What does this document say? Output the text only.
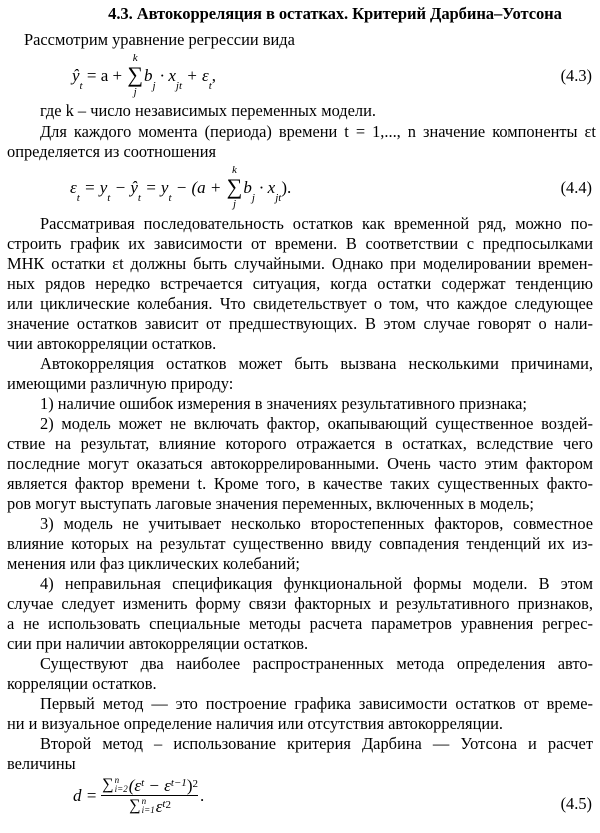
4.3. Автокорреляция в остатках. Критерий Дарбина–Уотсона
Рассмотрим уравнение регрессии вида
ŷ
$_t$
= a +
k
∑
j
b
$_j$
· x
$_{jt}$
+ ε
$_t$
,	(4.3)
где k – число независимых переменных модели.
Для каждого момента (периода) времени t = 1,..., n значение компоненты εt
определяется из соотношения
ε
$_t$
= y
$_t$
− ŷ
$_t$
= y
$_t$
− (a +
k
∑
j
b
$_j$
· x
$_{jt}$
).	(4.4)
Рассматривая последовательность остатков как временной ряд, можно по-
строить график их зависимости от времени. В соответствии с предпосылками
МНК остатки εt должны быть случайными. Однако при моделировании времен-
ных рядов нередко встречается ситуация, когда остатки содержат тенденцию
или циклические колебания. Что свидетельствует о том, что каждое следующее
значение остатков зависит от предшествующих. В этом случае говорят о нали-
чии автокорреляции остатков.
Автокорреляция остатков может быть вызвана несколькими причинами,
имеющими различную природу:
1) наличие ошибок измерения в значениях результативного признака;
2) модель может не включать фактор, окапывающий существенное воздей-
ствие на результат, влияние которого отражается в остатках, вследствие чего
последние могут оказаться автокоррелированными. Очень часто этим фактором
является фактор времени t. Кроме того, в качестве таких существенных факто-
ров могут выступать лаговые значения переменных, включенных в модель;
3) модель не учитывает несколько второстепенных факторов, совместное
влияние которых на результат существенно ввиду совпадения тенденций их из-
менения или фаз циклических колебаний;
4) неправильная спецификация функциональной формы модели. В этом
случае следует изменить форму связи факторных и результативного признаков,
а не использовать специальные методы расчета параметров уравнения регрес-
сии при наличии автокорреляции остатков.
Существуют два наиболее распространенных метода определения авто-
корреляции остатков.
Первый метод — это построение графика зависимости остатков от време-
ни и визуальное определение наличия или отсутствия автокорреляции.
Второй метод – использование критерия Дарбина — Уотсона и расчет
величины
d = ∑ n
i=2 (ε t − ε t−1 ) 2
∑ n
i=1 ε t 2 .	(4.5)
